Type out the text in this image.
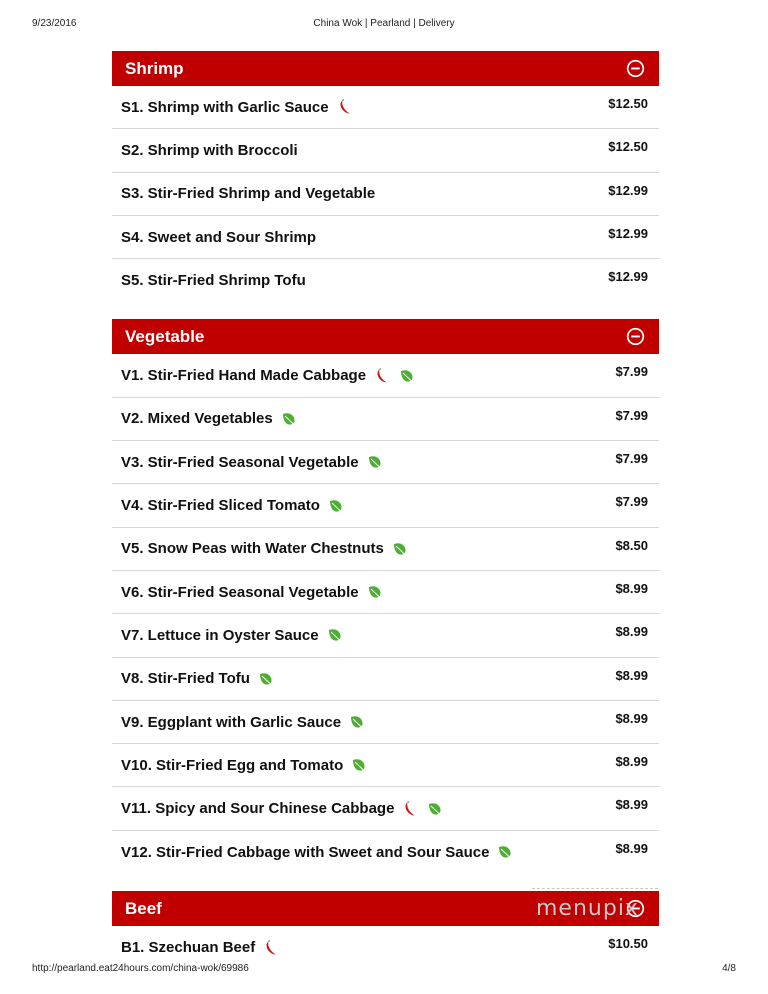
9/23/2016	China Wok | Pearland | Delivery
Shrimp
S1. Shrimp with Garlic Sauce	$12.50
S2. Shrimp with Broccoli	$12.50
S3. Stir-Fried Shrimp and Vegetable	$12.99
S4. Sweet and Sour Shrimp	$12.99
S5. Stir-Fried Shrimp Tofu	$12.99
Vegetable
V1. Stir-Fried Hand Made Cabbage	$7.99
V2. Mixed Vegetables	$7.99
V3. Stir-Fried Seasonal Vegetable	$7.99
V4. Stir-Fried Sliced Tomato	$7.99
V5. Snow Peas with Water Chestnuts	$8.50
V6. Stir-Fried Seasonal Vegetable	$8.99
V7. Lettuce in Oyster Sauce	$8.99
V8. Stir-Fried Tofu	$8.99
V9. Eggplant with Garlic Sauce	$8.99
V10. Stir-Fried Egg and Tomato	$8.99
V11. Spicy and Sour Chinese Cabbage	$8.99
V12. Stir-Fried Cabbage with Sweet and Sour Sauce	$8.99
Beef
B1. Szechuan Beef	$10.50
menupix
http://pearland.eat24hours.com/china-wok/69986	4/8
